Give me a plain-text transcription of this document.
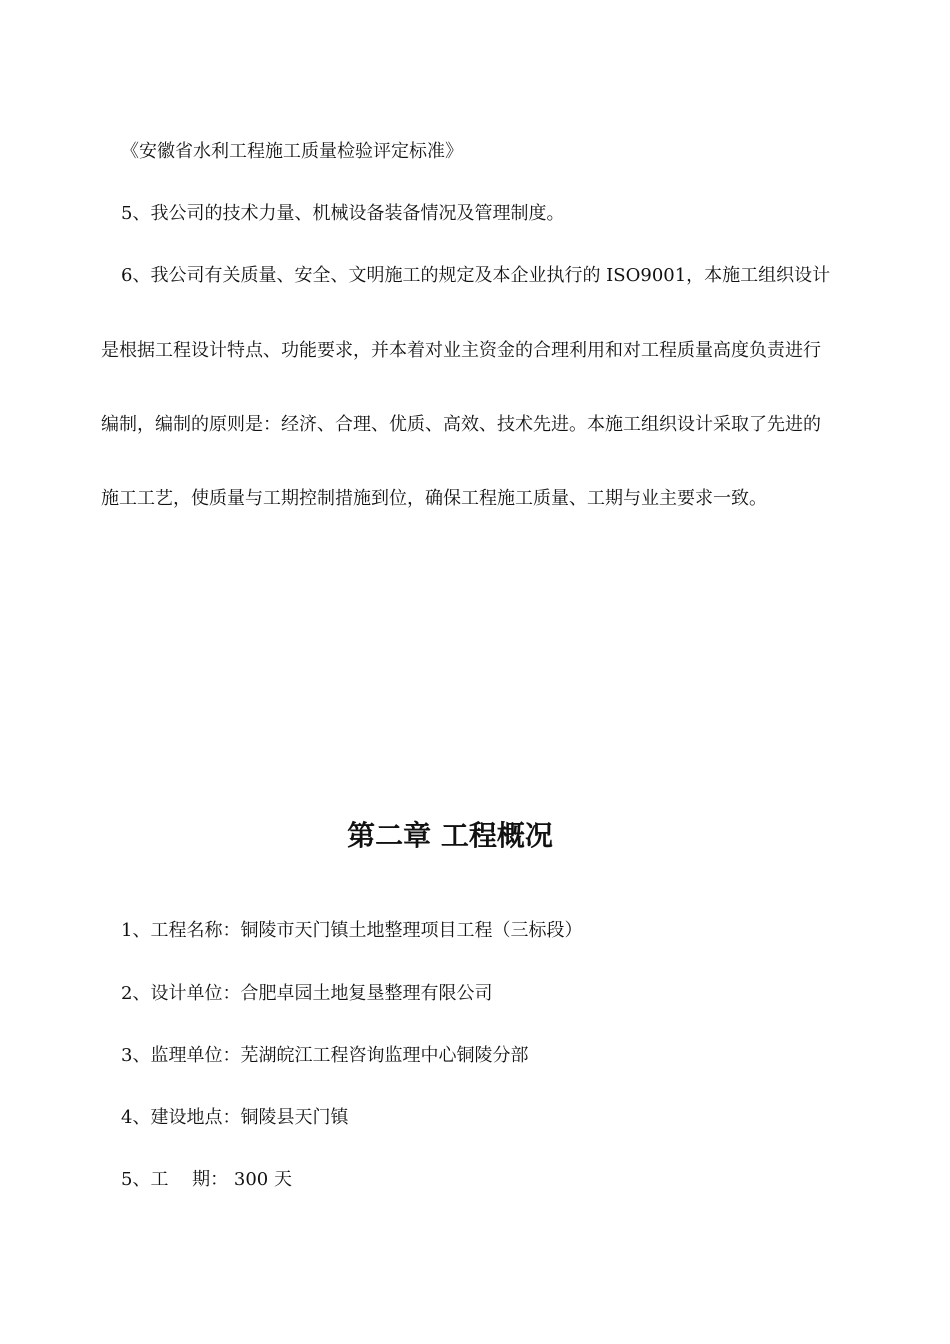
《安徽省水利工程施工质量检验评定标准》
5、我公司的技术力量、机械设备装备情况及管理制度。
6、我公司有关质量、安全、文明施工的规定及本企业执行的 ISO9001，本施工组织设计
是根据工程设计特点、功能要求，并本着对业主资金的合理利用和对工程质量高度负责进行
编制，编制的原则是：经济、合理、优质、高效、技术先进。本施工组织设计采取了先进的
施工工艺，使质量与工期控制措施到位，确保工程施工质量、工期与业主要求一致。
第二章 工程概况
1、工程名称：铜陵市天门镇土地整理项目工程（三标段）
2、设计单位：合肥卓园土地复垦整理有限公司
3、监理单位：芜湖皖江工程咨询监理中心铜陵分部
4、建设地点：铜陵县天门镇
5、工　 期： 300 天
